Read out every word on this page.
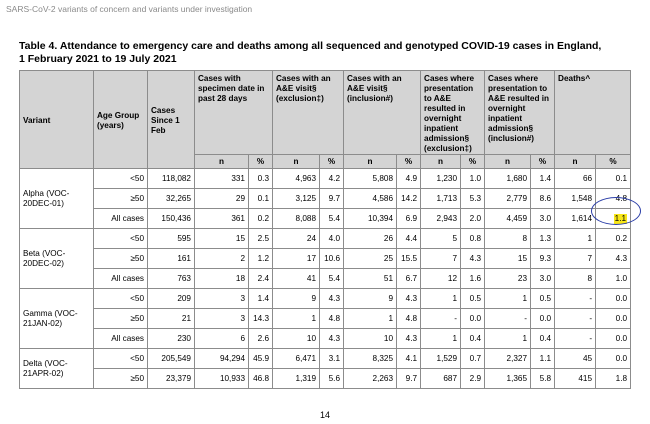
SARS-CoV-2 variants of concern and variants under investigation
Table 4. Attendance to emergency care and deaths among all sequenced and genotyped COVID-19 cases in England,
1 February 2021 to 19 July 2021
Variant	Age Group (years)	Cases Since 1 Feb	Cases with specimen date in past 28 days		Cases with an A&E visit§ (exclusion‡)		Cases with an A&E visit§ (inclusion#)		Cases where presentation to A&E resulted in overnight inpatient admission§ (exclusion‡)		Cases where presentation to A&E resulted in overnight inpatient admission§ (inclusion#)		Deaths^	
			n	%	n	%	n	%	n	%	n	%	n	%
Alpha (VOC-20DEC-01)	<50	118,082	331	0.3	4,963	4.2	5,808	4.9	1,230	1.0	1,680	1.4	66	0.1
	≥50	32,265	29	0.1	3,125	9.7	4,586	14.2	1,713	5.3	2,779	8.6	1,548	4.8
	All cases	150,436	361	0.2	8,088	5.4	10,394	6.9	2,943	2.0	4,459	3.0	1,614	1.1
Beta (VOC-20DEC-02)	<50	595	15	2.5	24	4.0	26	4.4	5	0.8	8	1.3	1	0.2
	≥50	161	2	1.2	17	10.6	25	15.5	7	4.3	15	9.3	7	4.3
	All cases	763	18	2.4	41	5.4	51	6.7	12	1.6	23	3.0	8	1.0
Gamma (VOC-21JAN-02)	<50	209	3	1.4	9	4.3	9	4.3	1	0.5	1	0.5	-	0.0
	≥50	21	3	14.3	1	4.8	1	4.8	-	0.0	-	0.0	-	0.0
	All cases	230	6	2.6	10	4.3	10	4.3	1	0.4	1	0.4	-	0.0
Delta (VOC-21APR-02)	<50	205,549	94,294	45.9	6,471	3.1	8,325	4.1	1,529	0.7	2,327	1.1	45	0.0
	≥50	23,379	10,933	46.8	1,319	5.6	2,263	9.7	687	2.9	1,365	5.8	415	1.8
14
